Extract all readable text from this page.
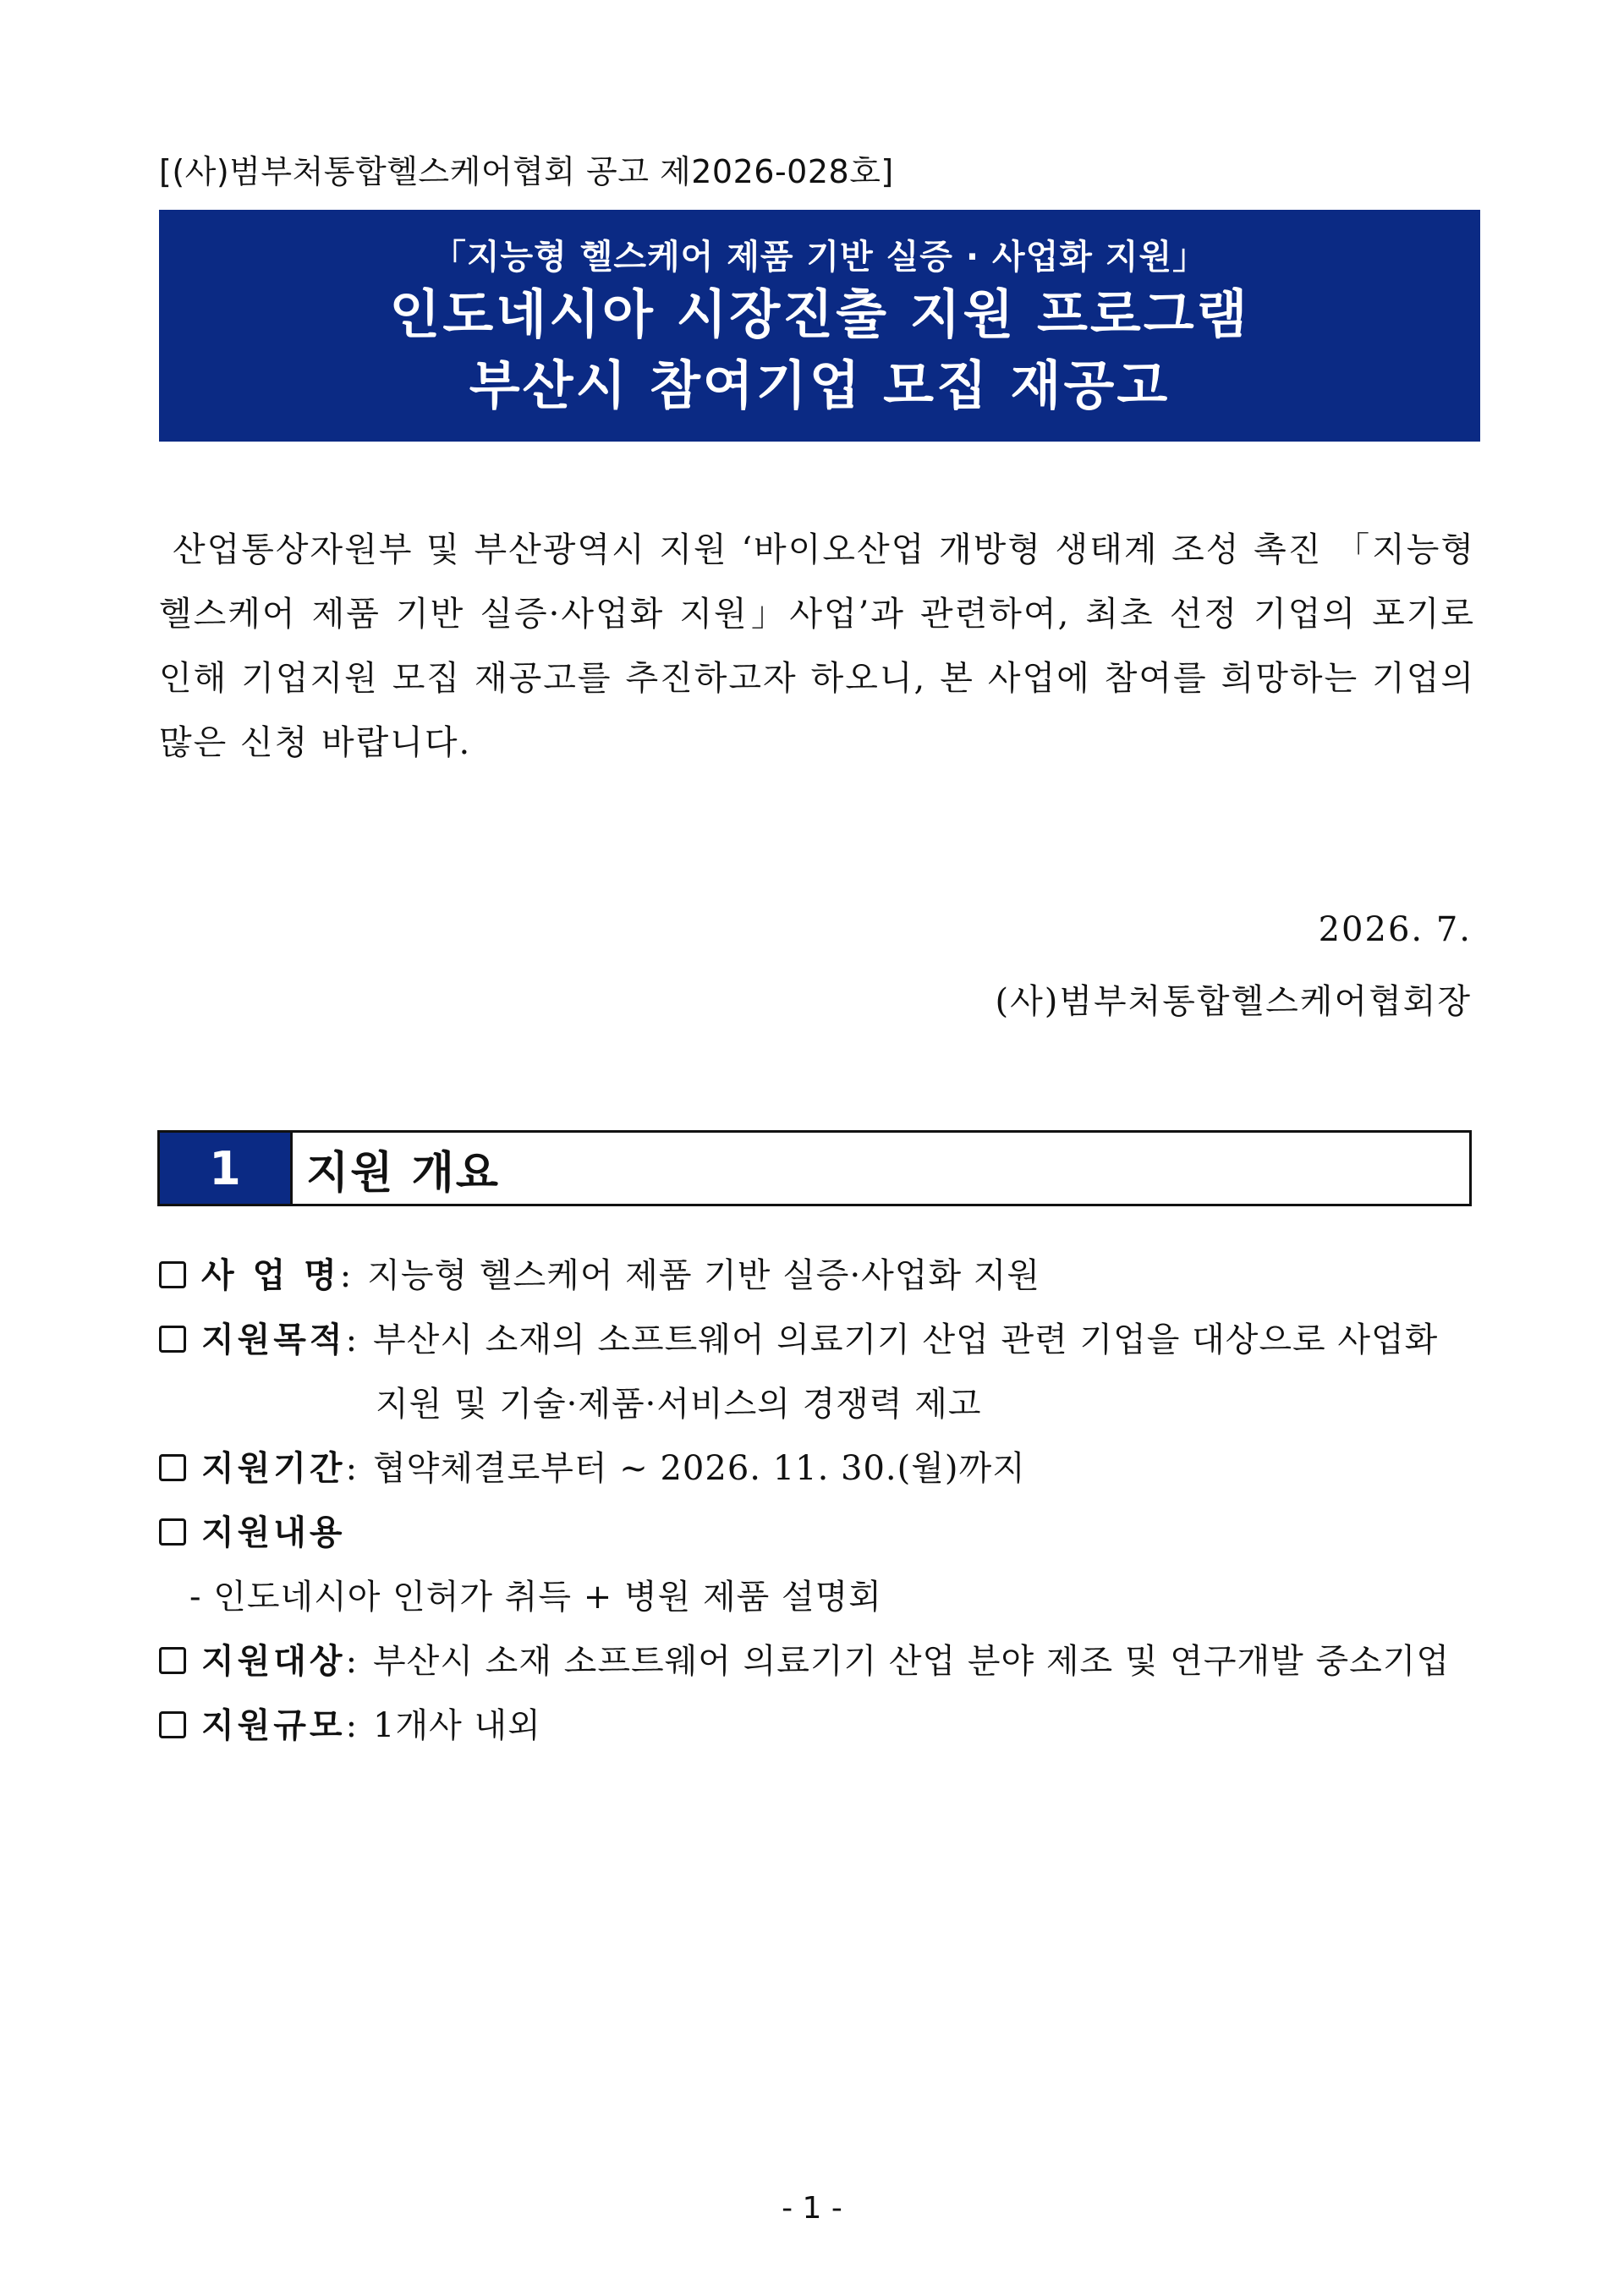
[(사)범부처통합헬스케어협회 공고 제2026-028호]
「지능형 헬스케어 제품 기반 실증 · 사업화 지원」
인도네시아 시장진출 지원 프로그램
부산시 참여기업 모집 재공고
산업통상자원부 및 부산광역시 지원 ‘바이오산업 개방형 생태계 조성 촉진 「지능형 헬스케어 제품 기반 실증·사업화 지원」사업’과 관련하여, 최초 선정 기업의 포기로 인해 기업지원 모집 재공고를 추진하고자 하오니, 본 사업에 참여를 희망하는 기업의 많은 신청 바랍니다.
2026. 7.
(사)범부처통합헬스케어협회장
1	지원 개요
사 업 명: 지능형 헬스케어 제품 기반 실증·사업화 지원
지원목적: 부산시 소재의 소프트웨어 의료기기 산업 관련 기업을 대상으로 사업화
지원 및 기술·제품·서비스의 경쟁력 제고
지원기간: 협약체결로부터 ~ 2026. 11. 30.(월)까지
지원내용
- 인도네시아 인허가 취득 + 병원 제품 설명회
지원대상: 부산시 소재 소프트웨어 의료기기 산업 분야 제조 및 연구개발 중소기업
지원규모: 1개사 내외
- 1 -
